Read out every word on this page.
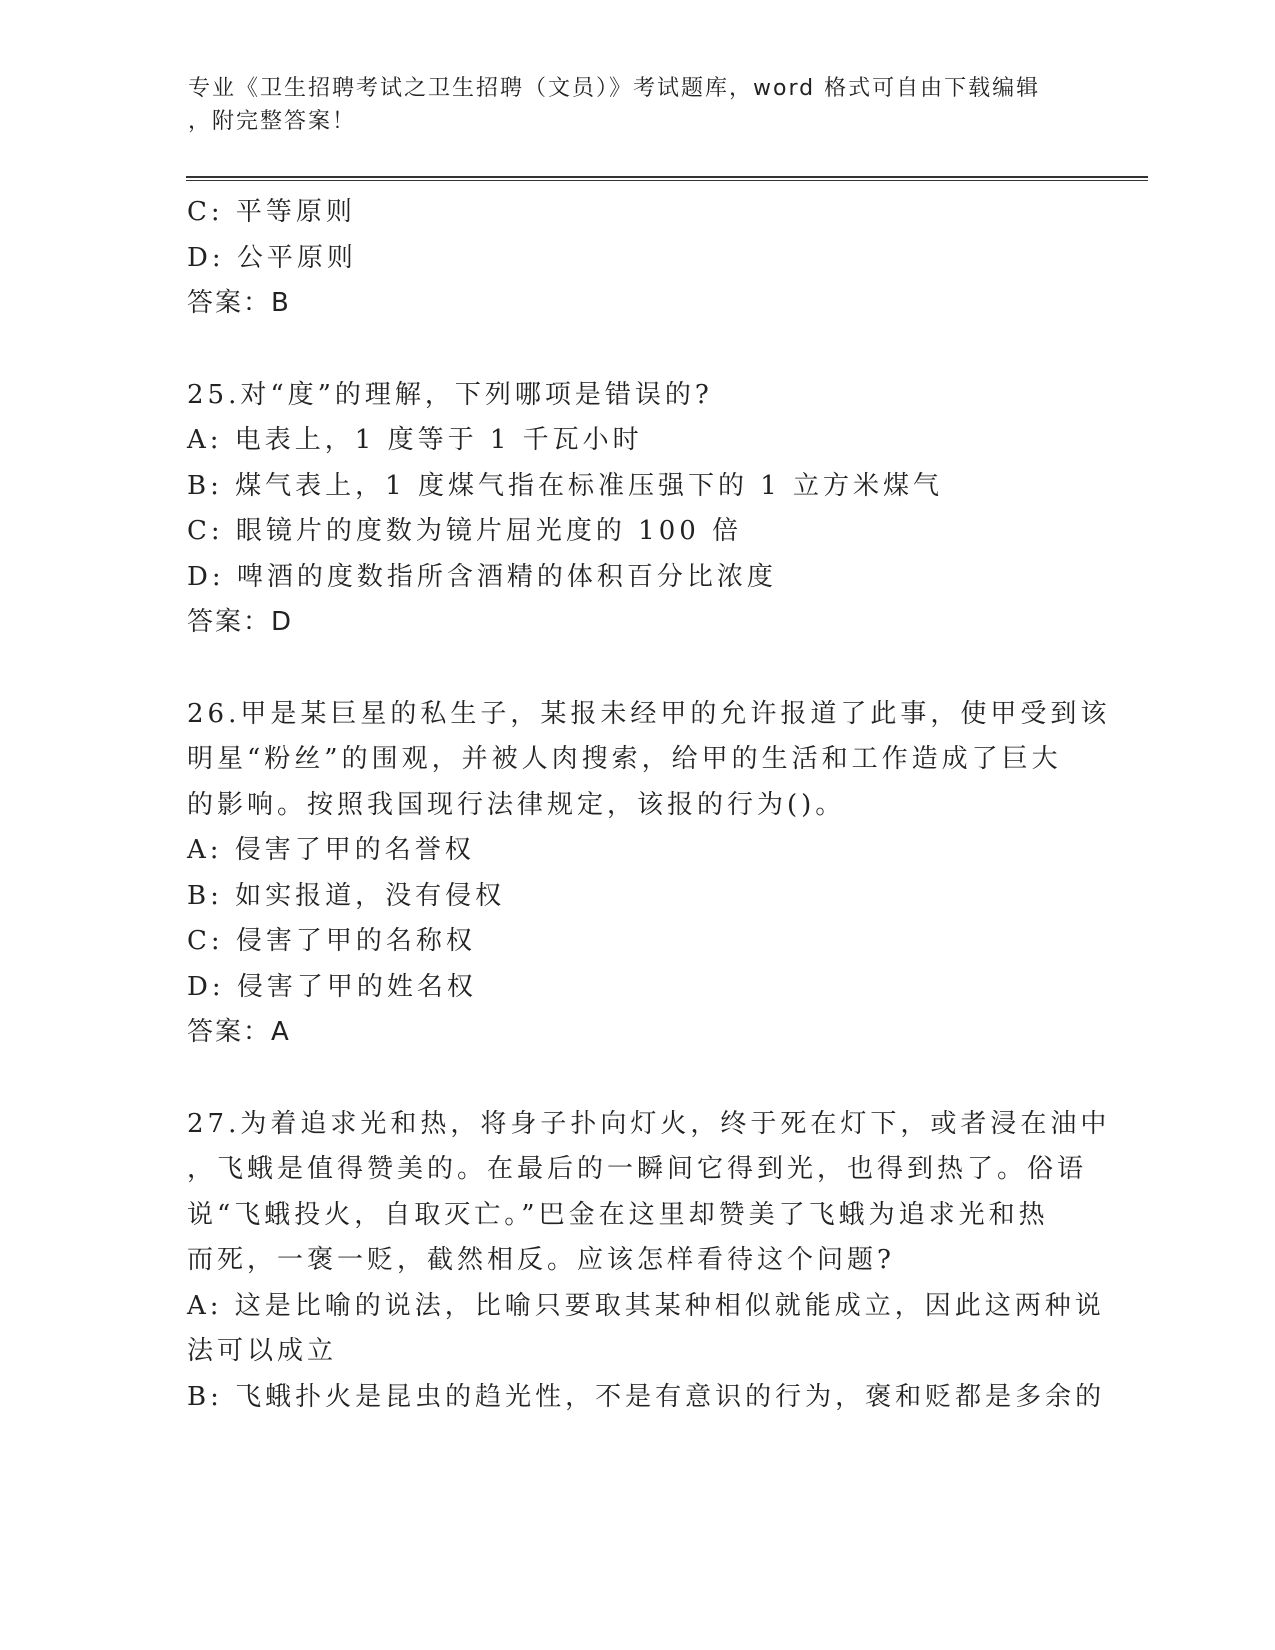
专业《卫生招聘考试之卫生招聘（文员）》考试题库，word 格式可自由下载编辑
，附完整答案！
C: 平等原则
D: 公平原则
答案：B
25.对“度”的理解，下列哪项是错误的?
A: 电表上，1 度等于 1 千瓦小时
B: 煤气表上，1 度煤气指在标准压强下的 1 立方米煤气
C: 眼镜片的度数为镜片屈光度的 100 倍
D: 啤酒的度数指所含酒精的体积百分比浓度
答案：D
26.甲是某巨星的私生子，某报未经甲的允许报道了此事，使甲受到该
明星“粉丝”的围观，并被人肉搜索，给甲的生活和工作造成了巨大
的影响。按照我国现行法律规定，该报的行为()。
A: 侵害了甲的名誉权
B: 如实报道，没有侵权
C: 侵害了甲的名称权
D: 侵害了甲的姓名权
答案：A
27.为着追求光和热，将身子扑向灯火，终于死在灯下，或者浸在油中
，飞蛾是值得赞美的。在最后的一瞬间它得到光，也得到热了。俗语
说“飞蛾投火，自取灭亡。”巴金在这里却赞美了飞蛾为追求光和热
而死，一褒一贬，截然相反。应该怎样看待这个问题?
A: 这是比喻的说法，比喻只要取其某种相似就能成立，因此这两种说
法可以成立
B: 飞蛾扑火是昆虫的趋光性，不是有意识的行为，褒和贬都是多余的
